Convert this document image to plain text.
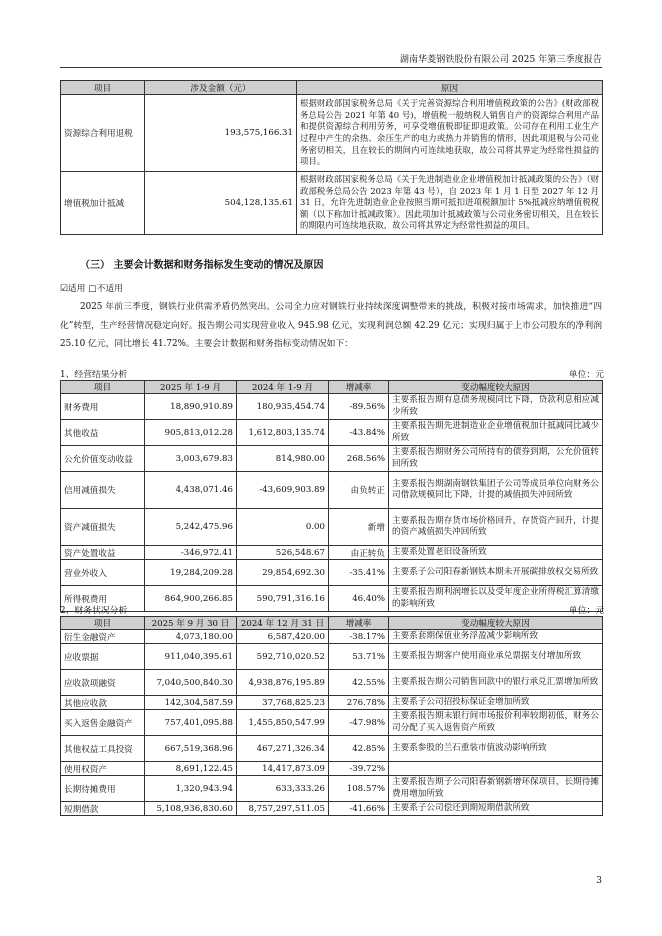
湖南华菱钢铁股份有限公司 2025 年第三季度报告
项目	涉及金额（元）	原因
资源综合利用退税	193,575,166.31	根据财政部国家税务总局《关于完善资源综合利用增值税政策的公告》(财政部税务总局公告 2021 年第 40 号)，增值税一般纳税人销售自产的资源综合利用产品和提供资源综合利用劳务，可享受增值税即征即退政策。公司存在利用工业生产过程中产生的余热、余压生产的电力或热力并销售的情形，因此项退税与公司业务密切相关，且在较长的期间内可连续地获取，故公司将其界定为经常性损益的项目。
增值税加计抵减	504,128,135.61	根据财政部国家税务总局《关于先进制造业企业增值税加计抵减政策的公告》（财政部税务总局公告 2023 年第 43 号），自 2023 年 1 月 1 日至 2027 年 12 月 31 日，允许先进制造业企业按照当期可抵扣进项税额加计 5%抵减应纳增值税税额（以下称加计抵减政策）。因此项加计抵减政策与公司业务密切相关，且在较长的期限内可连续地获取，故公司将其界定为经常性损益的项目。
（三） 主要会计数据和财务指标发生变动的情况及原因
☑适用 □不适用
2025 年前三季度，钢铁行业供需矛盾仍然突出。公司全力应对钢铁行业持续深度调整带来的挑战，积极对接市场需求，加快推进“四化”转型，生产经营情况稳定向好。报告期公司实现营业收入 945.98 亿元，实现利润总额 42.29 亿元；实现归属于上市公司股东的净利润 25.10 亿元，同比增长 41.72%。主要会计数据和财务指标变动情况如下：
1、经营结果分析	单位：元
项目	2025 年 1-9 月	2024 年 1-9 月	增减率	变动幅度较大原因
财务费用	18,890,910.89	180,935,454.74	-89.56%	主要系报告期有息债务规模同比下降，贷款利息相应减少所致
其他收益	905,813,012.28	1,612,803,135.74	-43.84%	主要系报告期先进制造业企业增值税加计抵减同比减少所致
公允价值变动收益	3,003,679.83	814,980.00	268.56%	主要系报告期财务公司所持有的债券到期，公允价值转回所致
信用减值损失	4,438,071.46	-43,609,903.89	由负转正	主要系报告期湖南钢铁集团子公司等成员单位向财务公司借款规模同比下降，计提的减值损失冲回所致
资产减值损失	5,242,475.96	0.00	新增	主要系报告期存货市场价格回升，存货资产回升，计提的资产减值损失冲回所致
资产处置收益	-346,972.41	526,548.67	由正转负	主要系处置老旧设备所致
营业外收入	19,284,209.28	29,854,692.30	-35.41%	主要系子公司阳春新钢铁本期未开展碳排放权交易所致
所得税费用	864,900,266.85	590,791,316.16	46.40%	主要系报告期利润增长以及受年度企业所得税汇算清缴的影响所致
2、财务状况分析	单位：元
项目	2025 年 9 月 30 日	2024 年 12 月 31 日	增减率	变动幅度较大原因
衍生金融资产	4,073,180.00	6,587,420.00	-38.17%	主要系套期保值业务浮盈减少影响所致
应收票据	911,040,395.61	592,710,020.52	53.71%	主要系报告期客户使用商业承兑票据支付增加所致
应收款项融资	7,040,500,840.30	4,938,876,195.89	42.55%	主要系报告期公司销售回款中的银行承兑汇票增加所致
其他应收款	142,304,587.59	37,768,825.23	276.78%	主要系子公司招投标保证金增加所致
买入返售金融资产	757,401,095.88	1,455,850,547.99	-47.98%	主要系报告期末银行间市场报价利率较期初低，财务公司分配了买入返售资产所致
其他权益工具投资	667,519,368.96	467,271,326.34	42.85%	主要系参股的兰石重装市值波动影响所致
使用权资产	8,691,122.45	14,417,873.09	-39.72%	
长期待摊费用	1,320,943.94	633,333.26	108.57%	主要系报告期子公司阳春新钢新增环保项目，长期待摊费用增加所致
短期借款	5,108,936,830.60	8,757,297,511.05	-41.66%	主要系子公司偿还到期短期借款所致
3
